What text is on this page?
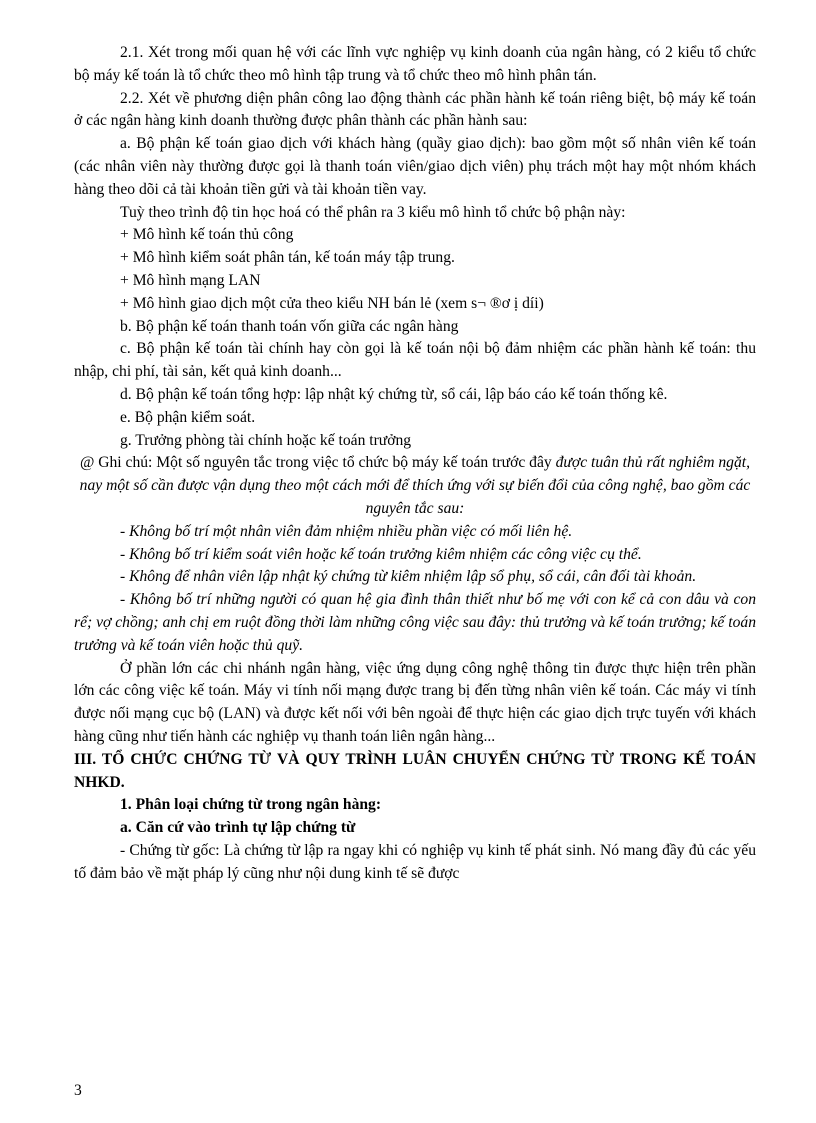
2.1. Xét trong mối quan hệ với các lĩnh vực nghiệp vụ kinh doanh của ngân hàng, có 2 kiểu tổ chức bộ máy kế toán là tổ chức theo mô hình tập trung và tổ chức theo mô hình phân tán.

2.2. Xét về phương diện phân công lao động thành các phần hành kế toán riêng biệt, bộ máy kế toán ở các ngân hàng kinh doanh thường được phân thành các phần hành sau:

a. Bộ phận kế toán giao dịch với khách hàng (quầy giao dịch): bao gồm một số nhân viên kế toán (các nhân viên này thường được gọi là thanh toán viên/giao dịch viên) phụ trách một hay một nhóm khách hàng theo dõi cả tài khoản tiền gửi và tài khoản tiền vay.

Tuỳ theo trình độ tin học hoá có thể phân ra 3 kiểu mô hình tổ chức bộ phận này:

+ Mô hình kế toán thủ công

+ Mô hình kiểm soát phân tán, kế toán máy tập trung.

+ Mô hình mạng LAN

+ Mô hình giao dịch một cửa theo kiểu NH bán lẻ (xem s¬ ®ơ ị díi)

b. Bộ phận kế toán thanh toán vốn giữa các ngân hàng

c. Bộ phận kế toán tài chính hay còn gọi là kế toán nội bộ đảm nhiệm các phần hành kế toán: thu nhập, chi phí, tài sản, kết quả kinh doanh...

d. Bộ phận kế toán tổng hợp: lập nhật ký chứng từ, sổ cái, lập báo cáo kế toán thống kê.

e. Bộ phận kiểm soát.

g. Trưởng phòng tài chính hoặc kế toán trưởng

@ Ghi chú: Một số nguyên tắc trong việc tổ chức bộ máy kế toán trước đây được tuân thủ rất nghiêm ngặt, nay một số cần được vận dụng theo một cách mới để thích ứng với sự biến đổi của công nghệ, bao gồm các nguyên tắc sau:

- Không bố trí một nhân viên đảm nhiệm nhiều phần việc có mối liên hệ.

- Không bố trí kiểm soát viên hoặc kế toán trưởng kiêm nhiệm các công việc cụ thể.

- Không để nhân viên lập nhật ký chứng từ kiêm nhiệm lập sổ phụ, sổ cái, cân đối tài khoản.

- Không bố trí những người có quan hệ gia đình thân thiết như bố mẹ với con kể cả con dâu và con rể; vợ chồng; anh chị em ruột đồng thời làm những công việc sau đây: thủ trưởng và kế toán trưởng; kế toán trưởng và kế toán viên hoặc thủ quỹ.

Ở phần lớn các chi nhánh ngân hàng, việc ứng dụng công nghệ thông tin được thực hiện trên phần lớn các công việc kế toán. Máy vi tính nối mạng được trang bị đến từng nhân viên kế toán. Các máy vi tính được nối mạng cục bộ (LAN) và được kết nối với bên ngoài để thực hiện các giao dịch trực tuyến với khách hàng cũng như tiến hành các nghiệp vụ thanh toán liên ngân hàng...

III. TỔ CHỨC CHỨNG TỪ VÀ QUY TRÌNH LUÂN CHUYỂN CHỨNG TỪ TRONG KẾ TOÁN NHKD.

1. Phân loại chứng từ trong ngân hàng:

a. Căn cứ vào trình tự lập chứng từ

- Chứng từ gốc: Là chứng từ lập ra ngay khi có nghiệp vụ kinh tế phát sinh. Nó mang đầy đủ các yếu tố đảm bảo về mặt pháp lý cũng như nội dung kinh tế sẽ được

3
